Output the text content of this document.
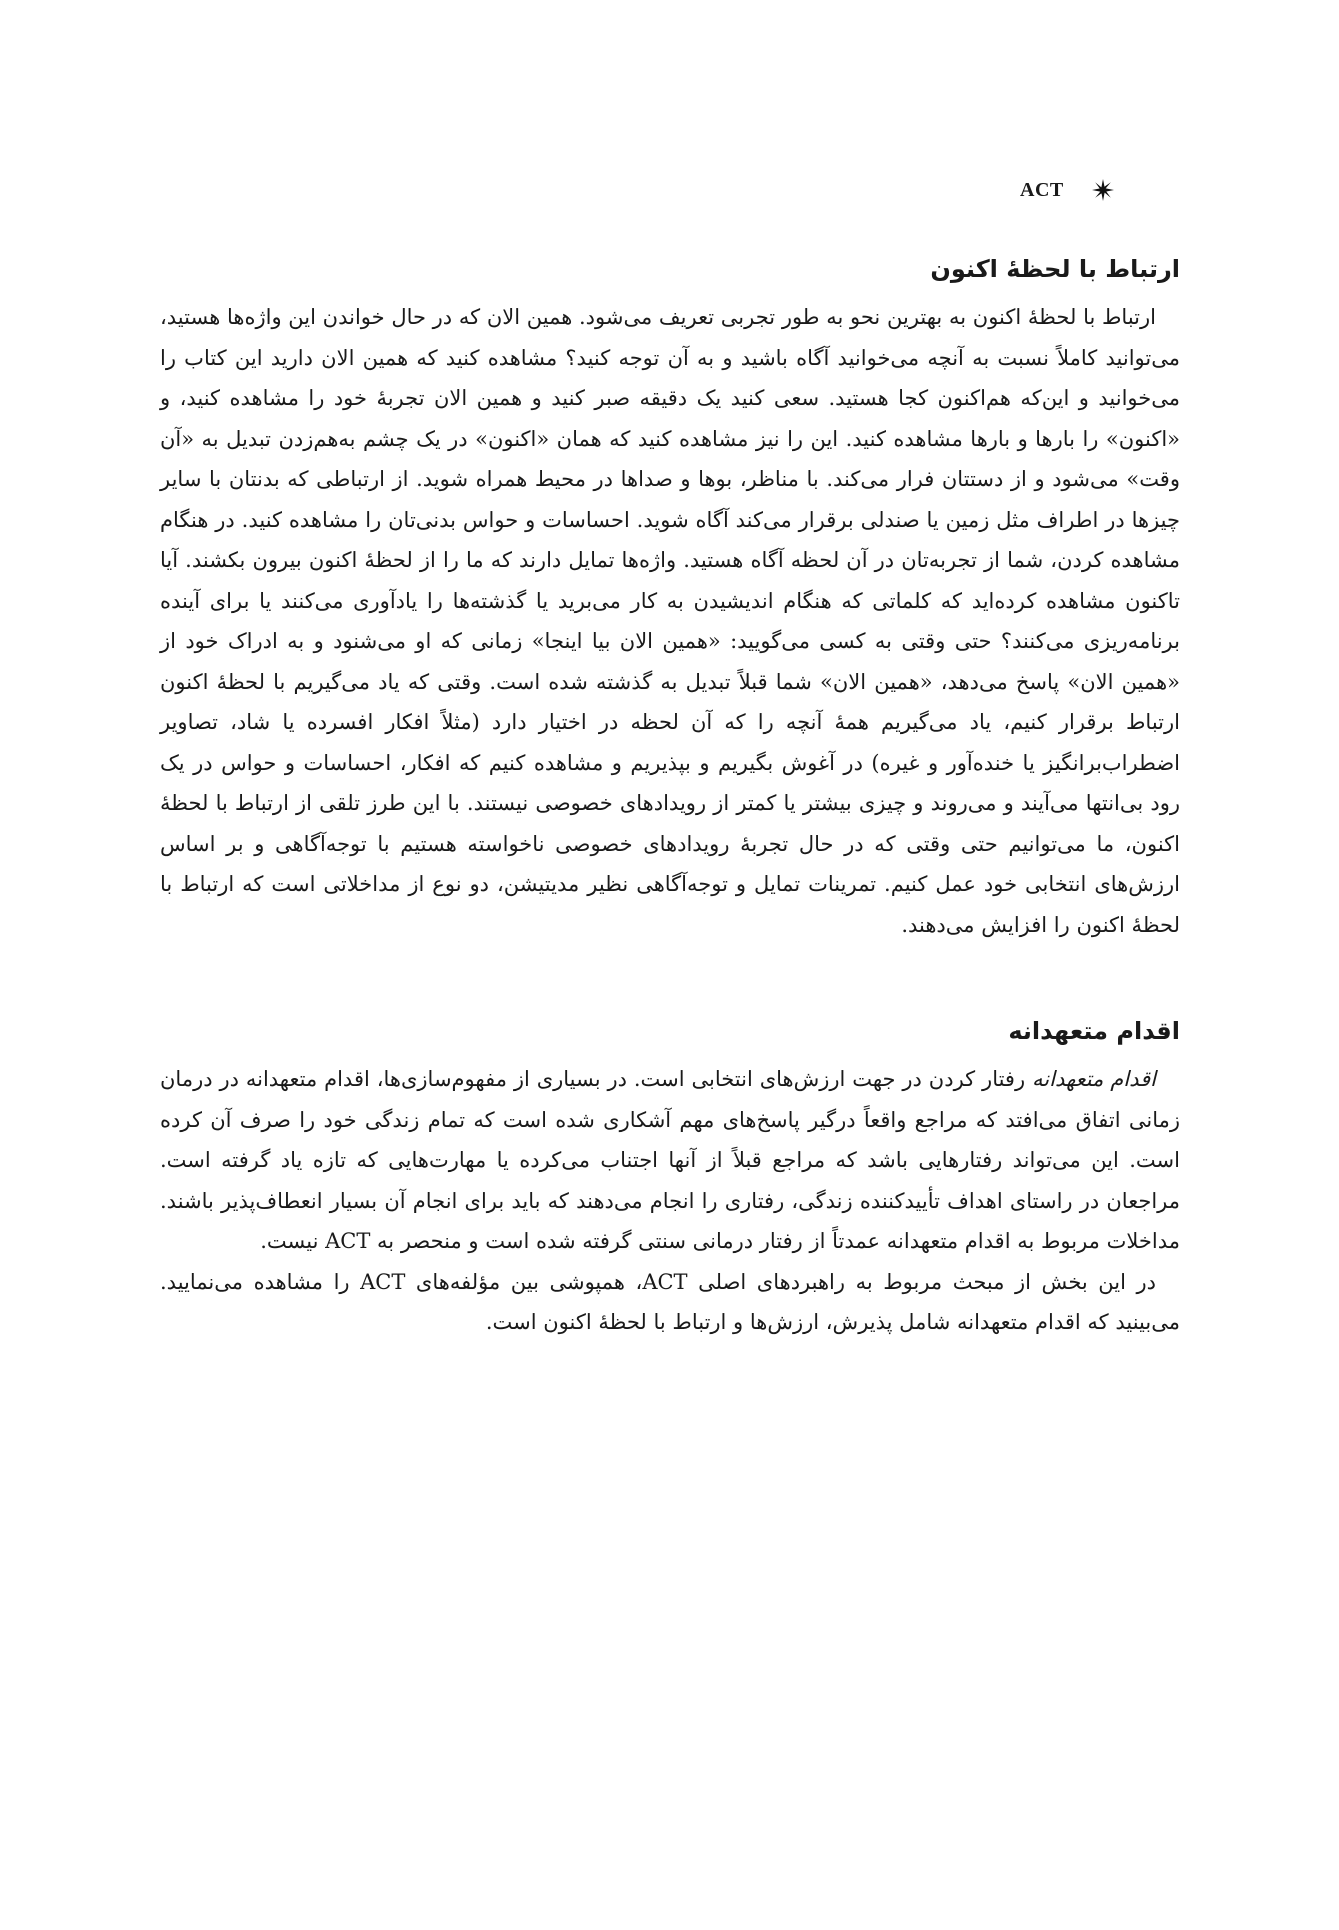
ACT
ارتباط با لحظهٔ اکنون

ارتباط با لحظهٔ اکنون به بهترین نحو به طور تجربی تعریف می‌شود. همین الان که در حال خواندن این واژه‌ها هستید، می‌توانید کاملاً نسبت به آنچه می‌خوانید آگاه باشید و به آن توجه کنید؟ مشاهده کنید که همین الان دارید این کتاب را می‌خوانید و این‌که هم‌اکنون کجا هستید. سعی کنید یک دقیقه صبر کنید و همین الان تجربهٔ خود را مشاهده کنید، و «اکنون» را بارها و بارها مشاهده کنید. این را نیز مشاهده کنید که همان «اکنون» در یک چشم به‌هم‌زدن تبدیل به «آن وقت» می‌شود و از دستتان فرار می‌کند. با مناظر، بوها و صداها در محیط همراه شوید. از ارتباطی که بدنتان با سایر چیزها در اطراف مثل زمین یا صندلی برقرار می‌کند آگاه شوید. احساسات و حواس بدنی‌تان را مشاهده کنید. در هنگام مشاهده کردن، شما از تجربه‌تان در آن لحظه آگاه هستید. واژه‌ها تمایل دارند که ما را از لحظهٔ اکنون بیرون بکشند. آیا تاکنون مشاهده کرده‌اید که کلماتی که هنگام اندیشیدن به کار می‌برید یا گذشته‌ها را یادآوری می‌کنند یا برای آینده برنامه‌ریزی می‌کنند؟ حتی وقتی به کسی می‌گویید: «همین الان بیا اینجا» زمانی که او می‌شنود و به ادراک خود از «همین الان» پاسخ می‌دهد، «همین الان» شما قبلاً تبدیل به گذشته شده است. وقتی که یاد می‌گیریم با لحظهٔ اکنون ارتباط برقرار کنیم، یاد می‌گیریم همهٔ آنچه را که آن لحظه در اختیار دارد (مثلاً افکار افسرده یا شاد، تصاویر اضطراب‌برانگیز یا خنده‌آور و غیره) در آغوش بگیریم و بپذیریم و مشاهده کنیم که افکار، احساسات و حواس در یک رود بی‌انتها می‌آیند و می‌روند و چیزی بیشتر یا کمتر از رویدادهای خصوصی نیستند. با این طرز تلقی از ارتباط با لحظهٔ اکنون، ما می‌توانیم حتی وقتی که در حال تجربهٔ رویدادهای خصوصی ناخواسته هستیم با توجه‌آگاهی و بر اساس ارزش‌های انتخابی خود عمل کنیم. تمرینات تمایل و توجه‌آگاهی نظیر مدیتیشن، دو نوع از مداخلاتی است که ارتباط با لحظهٔ اکنون را افزایش می‌دهند.

اقدام متعهدانه

اقدام متعهدانه رفتار کردن در جهت ارزش‌های انتخابی است. در بسیاری از مفهوم‌سازی‌ها، اقدام متعهدانه در درمان زمانی اتفاق می‌افتد که مراجع واقعاً درگیر پاسخ‌های مهم آشکاری شده است که تمام زندگی خود را صرف آن کرده است. این می‌تواند رفتارهایی باشد که مراجع قبلاً از آنها اجتناب می‌کرده یا مهارت‌هایی که تازه یاد گرفته است. مراجعان در راستای اهداف تأییدکننده زندگی، رفتاری را انجام می‌دهند که باید برای انجام آن بسیار انعطاف‌پذیر باشند. مداخلات مربوط به اقدام متعهدانه عمدتاً از رفتار درمانی سنتی گرفته شده است و منحصر به ACT نیست.

در این بخش از مبحث مربوط به راهبردهای اصلی ACT، همپوشی بین مؤلفه‌های ACT را مشاهده می‌نمایید. می‌بینید که اقدام متعهدانه شامل پذیرش، ارزش‌ها و ارتباط با لحظهٔ اکنون است.
